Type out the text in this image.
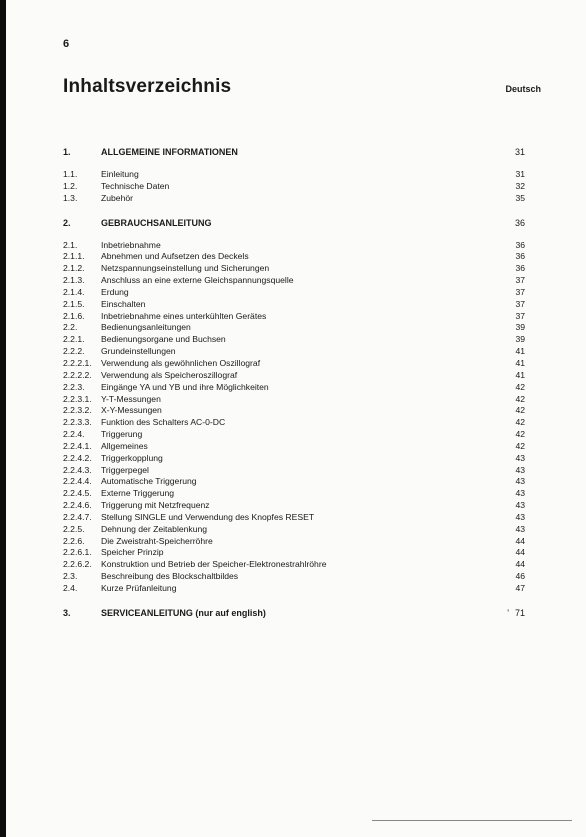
6
Inhaltsverzeichnis	Deutsch
1.	ALLGEMEINE INFORMATIONEN	31
1.1.	Einleitung	31
1.2.	Technische Daten	32
1.3.	Zubehör	35
2.	GEBRAUCHSANLEITUNG	36
2.1.	Inbetriebnahme	36
2.1.1.	Abnehmen und Aufsetzen des Deckels	36
2.1.2.	Netzspannungseinstellung und Sicherungen	36
2.1.3.	Anschluss an eine externe Gleichspannungsquelle	37
2.1.4.	Erdung	37
2.1.5.	Einschalten	37
2.1.6.	Inbetriebnahme eines unterkühlten Gerätes	37
2.2.	Bedienungsanleitungen	39
2.2.1.	Bedienungsorgane und Buchsen	39
2.2.2.	Grundeinstellungen	41
2.2.2.1.	Verwendung als gewöhnlichen Oszillograf	41
2.2.2.2.	Verwendung als Speicheroszillograf	41
2.2.3.	Eingänge YA und YB und ihre Möglichkeiten	42
2.2.3.1.	Y-T-Messungen	42
2.2.3.2.	X-Y-Messungen	42
2.2.3.3.	Funktion des Schalters AC-0-DC	42
2.2.4.	Triggerung	42
2.2.4.1.	Allgemeines	42
2.2.4.2.	Triggerkopplung	43
2.2.4.3.	Triggerpegel	43
2.2.4.4.	Automatische Triggerung	43
2.2.4.5.	Externe Triggerung	43
2.2.4.6.	Triggerung mit Netzfrequenz	43
2.2.4.7.	Stellung SINGLE und Verwendung des Knopfes RESET	43
2.2.5.	Dehnung der Zeitablenkung	43
2.2.6.	Die Zweistraht-Speicherröhre	44
2.2.6.1.	Speicher Prinzip	44
2.2.6.2.	Konstruktion und Betrieb der Speicher-Elektronestrahlröhre	44
2.3.	Beschreibung des Blockschaltbildes	46
2.4.	Kurze Prüfanleitung	47
3.	SERVICEANLEITUNG (nur auf english)	' 71
